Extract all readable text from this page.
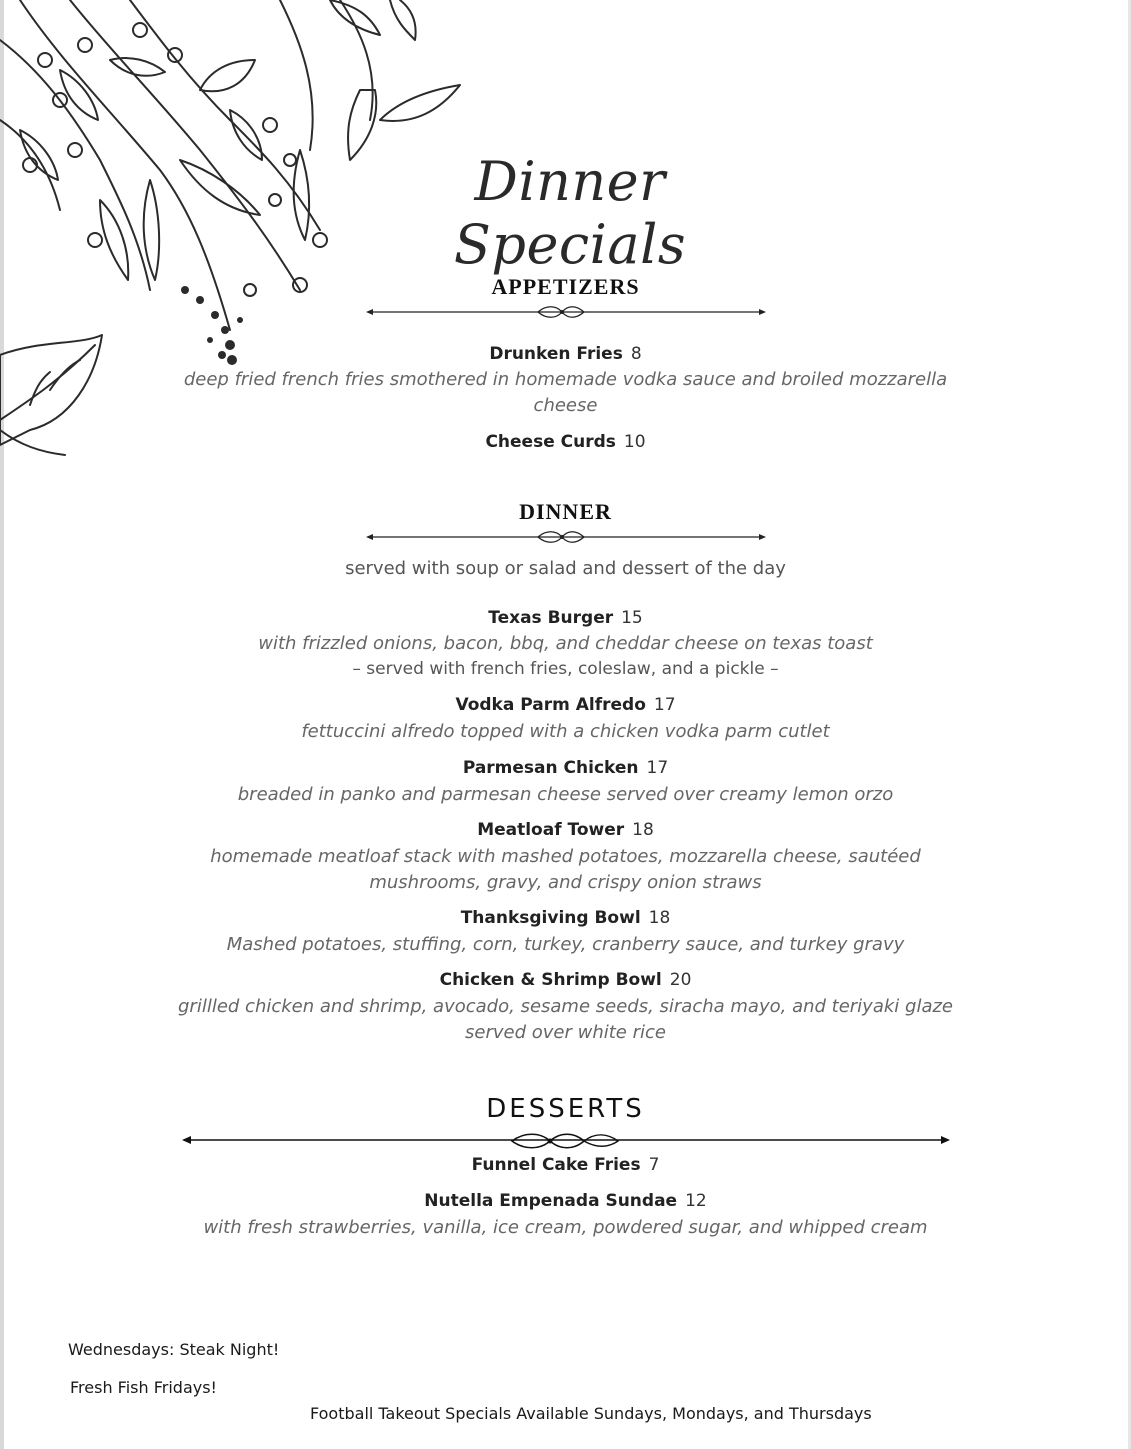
Dinner Specials
APPETIZERS
Drunken Fries 8
deep fried french fries smothered in homemade vodka sauce and broiled mozzarella
cheese
Cheese Curds 10
DINNER
served with soup or salad and dessert of the day
Texas Burger 15
with frizzled onions, bacon, bbq, and cheddar cheese on texas toast
– served with french fries, coleslaw, and a pickle –
Vodka Parm Alfredo 17
fettuccini alfredo topped with a chicken vodka parm cutlet
Parmesan Chicken 17
breaded in panko and parmesan cheese served over creamy lemon orzo
Meatloaf Tower 18
homemade meatloaf stack with mashed potatoes, mozzarella cheese, sautéed
mushrooms, gravy, and crispy onion straws
Thanksgiving Bowl 18
Mashed potatoes, stuffing, corn, turkey, cranberry sauce, and turkey gravy
Chicken & Shrimp Bowl 20
grillled chicken and shrimp, avocado, sesame seeds, siracha mayo, and teriyaki glaze
served over white rice
DESSERTS
Funnel Cake Fries 7
Nutella Empenada Sundae 12
with fresh strawberries, vanilla, ice cream, powdered sugar, and whipped cream
Wednesdays: Steak Night!
Fresh Fish Fridays!
Football Takeout Specials Available Sundays, Mondays, and Thursdays
